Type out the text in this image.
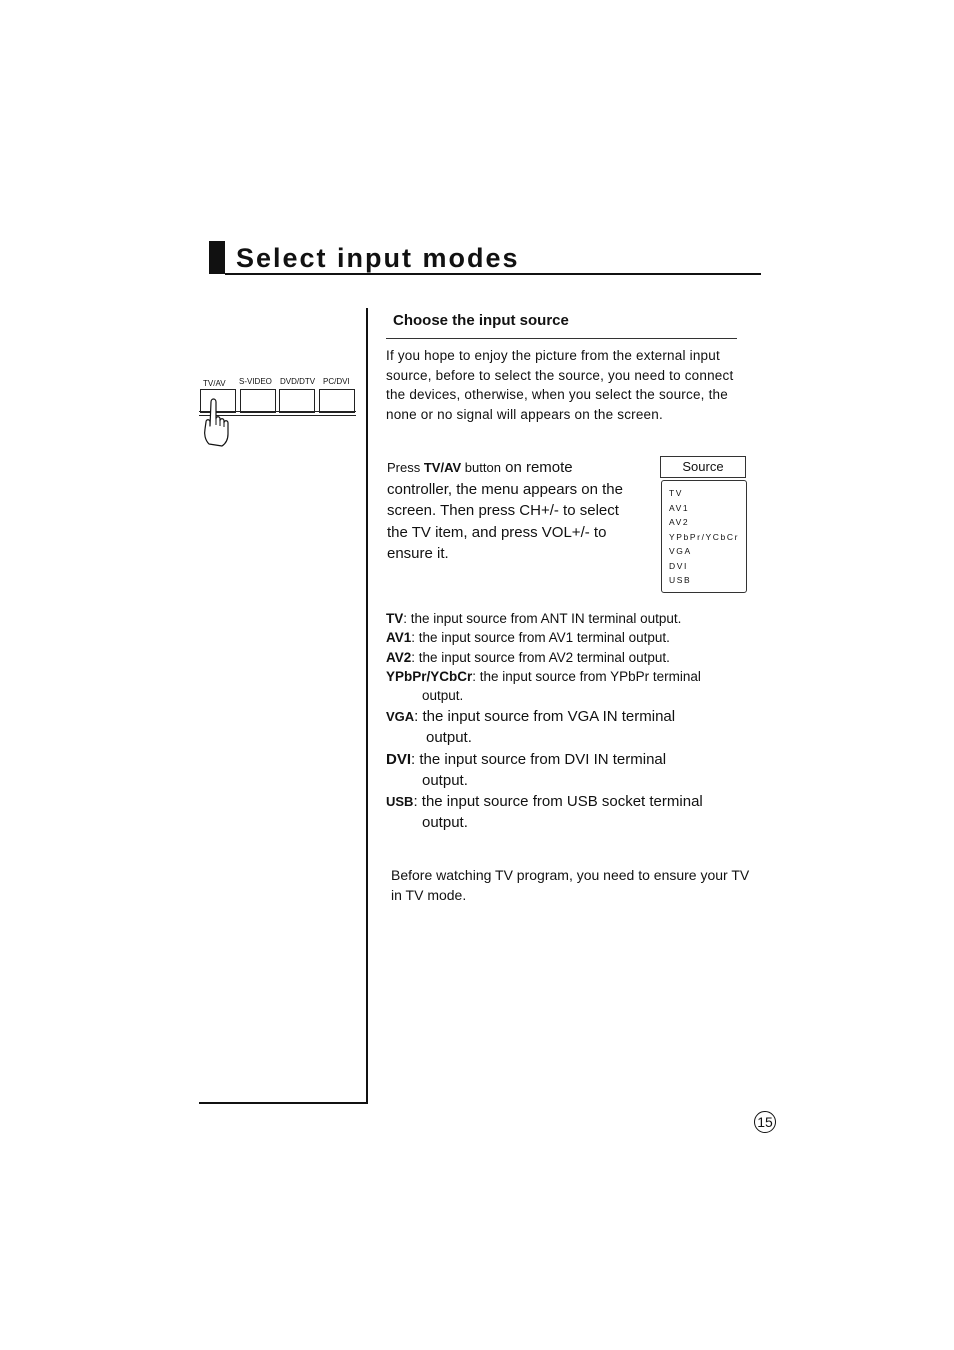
Select input modes
TV/AV S-VIDEO DVD/DTV PC/DVI
Choose the input source
If you hope to enjoy the picture from the external input source, before to select the source, you need to connect the devices, otherwise, when you select the source, the none or no signal will appears on the screen.
Press TV/AV button on remote controller, the menu appears on the screen. Then press CH+/- to select the TV item, and press VOL+/- to ensure it.
Source
TV
AV1
AV2
YPbPr/YCbCr
VGA
DVI
USB
TV: the input source from ANT IN terminal output.
AV1: the input source from AV1 terminal output.
AV2: the input source from AV2 terminal output.
YPbPr/YCbCr: the input source from YPbPr terminal
output.
VGA: the input source from VGA IN terminal
output.
DVI: the input source from DVI IN terminal
output.
USB: the input source from USB socket terminal
output.
Before watching TV program, you need to ensure your TV in TV mode.
15
